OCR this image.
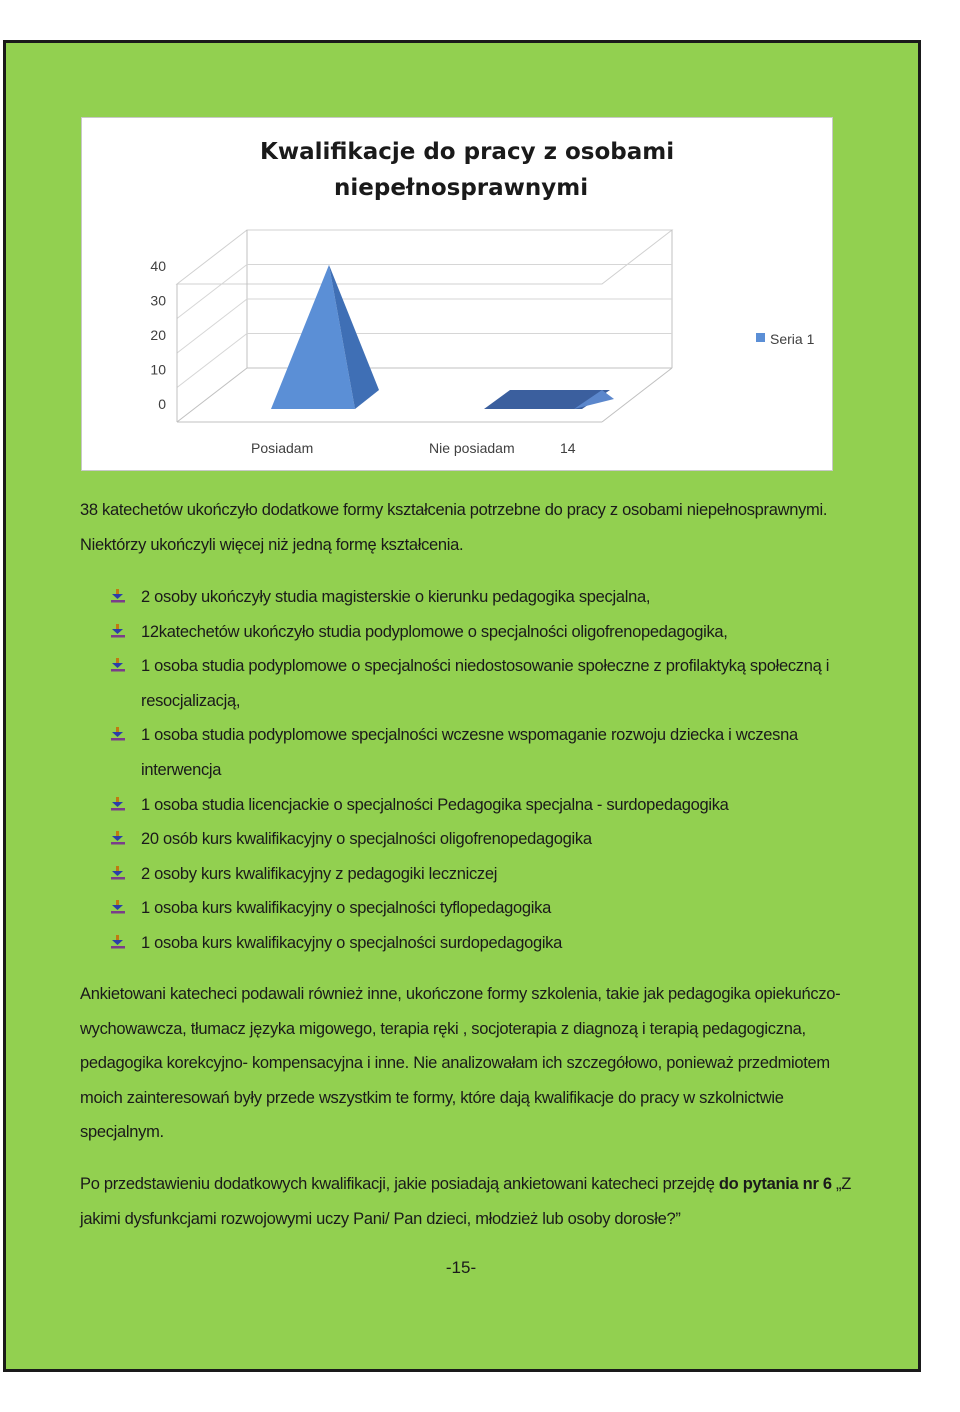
Kwalifikacje do pracy z osobami
niepełnosprawnymi
0
10
20
30
40
Posiadam	Nie posiadam	14
Seria 1

38 katechetów ukończyło dodatkowe formy kształcenia potrzebne do pracy z osobami niepełnosprawnymi. Niektórzy ukończyli więcej niż jedną formę kształcenia.

2 osoby ukończyły studia magisterskie o kierunku pedagogika specjalna,
12katechetów ukończyło studia podyplomowe o specjalności oligofrenopedagogika,
1 osoba studia podyplomowe o specjalności niedostosowanie społeczne z profilaktyką społeczną i resocjalizacją,
1 osoba studia podyplomowe specjalności wczesne wspomaganie rozwoju dziecka i wczesna interwencja
1 osoba studia licencjackie o specjalności Pedagogika specjalna - surdopedagogika
20 osób kurs kwalifikacyjny o specjalności oligofrenopedagogika
2 osoby kurs kwalifikacyjny z pedagogiki leczniczej
1 osoba kurs kwalifikacyjny o specjalności tyflopedagogika
1 osoba kurs kwalifikacyjny o specjalności surdopedagogika

Ankietowani katecheci podawali również inne, ukończone formy szkolenia, takie jak pedagogika opiekuńczo- wychowawcza, tłumacz języka migowego, terapia ręki , socjoterapia z diagnozą i terapią pedagogiczna, pedagogika korekcyjno- kompensacyjna i inne. Nie analizowałam ich szczegółowo, ponieważ przedmiotem moich zainteresowań były przede wszystkim te formy, które dają kwalifikacje do pracy w szkolnictwie specjalnym.

Po przedstawieniu dodatkowych kwalifikacji, jakie posiadają ankietowani katecheci przejdę do pytania nr 6 „Z jakimi dysfunkcjami rozwojowymi uczy Pani/ Pan dzieci, młodzież lub osoby dorosłe?”

-15-
